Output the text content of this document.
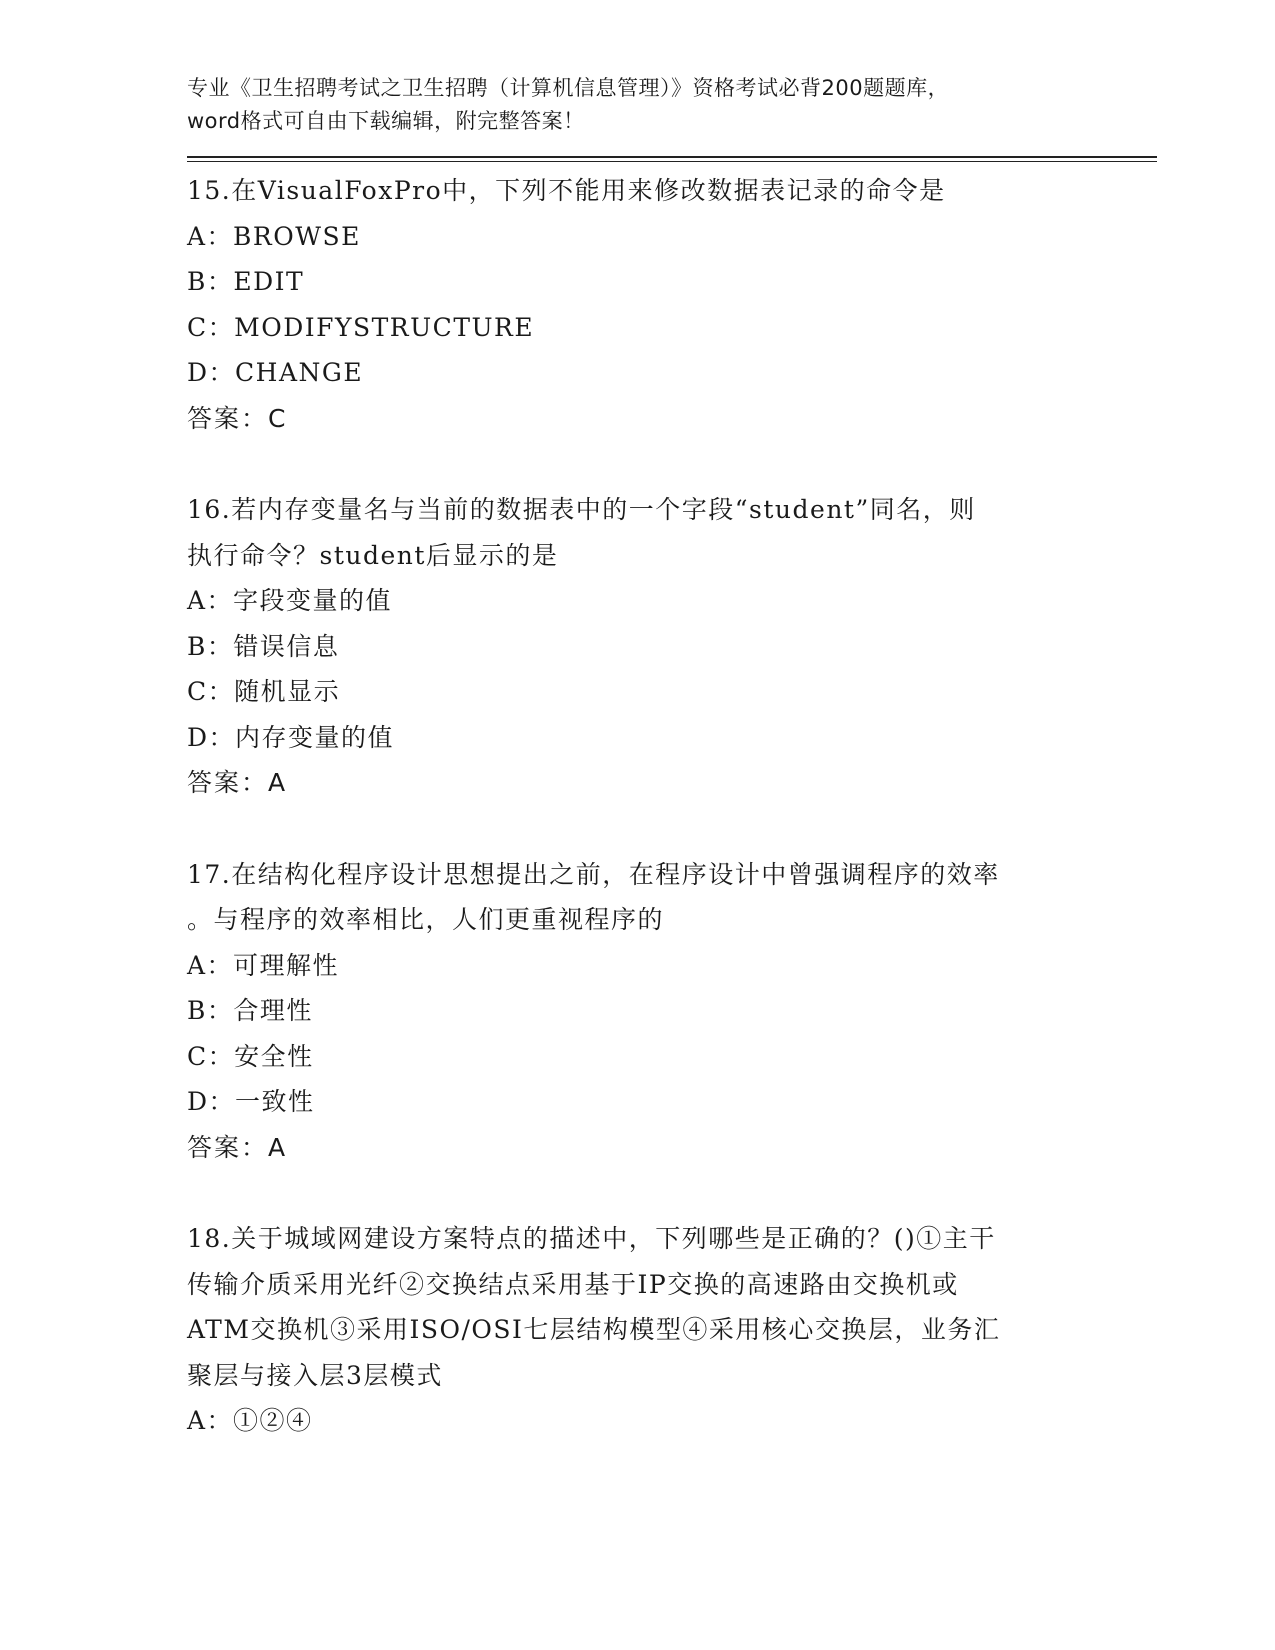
专业《卫生招聘考试之卫生招聘（计算机信息管理）》资格考试必背200题题库，
word格式可自由下载编辑，附完整答案！
15.在VisualFoxPro中，下列不能用来修改数据表记录的命令是
A：BROWSE
B：EDIT
C：MODIFYSTRUCTURE
D：CHANGE
答案：C
16.若内存变量名与当前的数据表中的一个字段“student”同名，则
执行命令？student后显示的是
A：字段变量的值
B：错误信息
C：随机显示
D：内存变量的值
答案：A
17.在结构化程序设计思想提出之前，在程序设计中曾强调程序的效率
。与程序的效率相比，人们更重视程序的
A：可理解性
B：合理性
C：安全性
D：一致性
答案：A
18.关于城域网建设方案特点的描述中，下列哪些是正确的？()①主干
传输介质采用光纤②交换结点采用基于IP交换的高速路由交换机或
ATM交换机③采用ISO/OSI七层结构模型④采用核心交换层，业务汇
聚层与接入层3层模式
A：①②④
